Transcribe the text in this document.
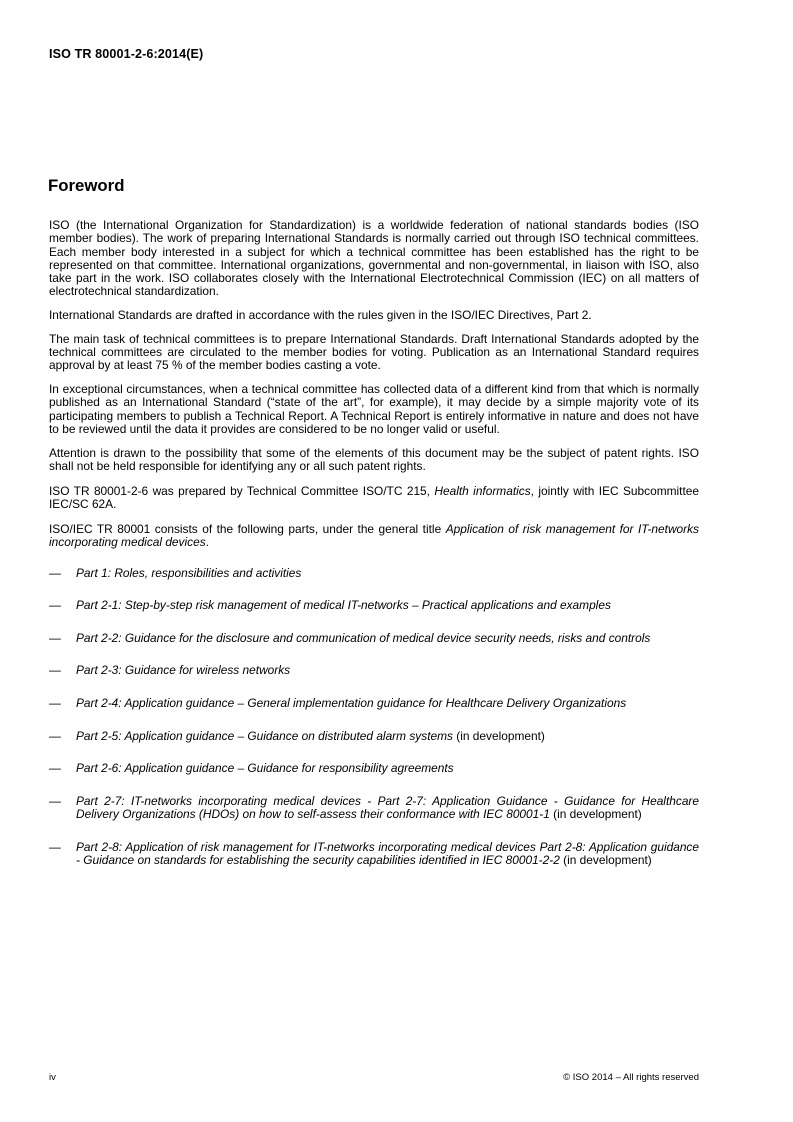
ISO TR 80001-2-6:2014(E)
Foreword

ISO (the International Organization for Standardization) is a worldwide federation of national standards bodies (ISO member bodies). The work of preparing International Standards is normally carried out through ISO technical committees. Each member body interested in a subject for which a technical committee has been established has the right to be represented on that committee. International organizations, governmental and non-governmental, in liaison with ISO, also take part in the work. ISO collaborates closely with the International Electrotechnical Commission (IEC) on all matters of electrotechnical standardization.

International Standards are drafted in accordance with the rules given in the ISO/IEC Directives, Part 2.

The main task of technical committees is to prepare International Standards. Draft International Standards adopted by the technical committees are circulated to the member bodies for voting. Publication as an International Standard requires approval by at least 75 % of the member bodies casting a vote.

In exceptional circumstances, when a technical committee has collected data of a different kind from that which is normally published as an International Standard (“state of the art”, for example), it may decide by a simple majority vote of its participating members to publish a Technical Report. A Technical Report is entirely informative in nature and does not have to be reviewed until the data it provides are considered to be no longer valid or useful.

Attention is drawn to the possibility that some of the elements of this document may be the subject of patent rights. ISO shall not be held responsible for identifying any or all such patent rights.

ISO TR 80001-2-6 was prepared by Technical Committee ISO/TC 215, Health informatics, jointly with IEC Subcommittee IEC/SC 62A.

ISO/IEC TR 80001 consists of the following parts, under the general title Application of risk management for IT-networks incorporating medical devices.

— Part 1: Roles, responsibilities and activities
— Part 2-1: Step-by-step risk management of medical IT-networks – Practical applications and examples
— Part 2-2: Guidance for the disclosure and communication of medical device security needs, risks and controls
— Part 2-3: Guidance for wireless networks
— Part 2-4: Application guidance – General implementation guidance for Healthcare Delivery Organizations
— Part 2-5: Application guidance – Guidance on distributed alarm systems (in development)
— Part 2-6: Application guidance – Guidance for responsibility agreements
— Part 2-7: IT-networks incorporating medical devices - Part 2-7: Application Guidance - Guidance for Healthcare Delivery Organizations (HDOs) on how to self-assess their conformance with IEC 80001-1 (in development)
— Part 2-8: Application of risk management for IT-networks incorporating medical devices Part 2-8: Application guidance - Guidance on standards for establishing the security capabilities identified in IEC 80001-2-2 (in development)
iv	© ISO 2014 – All rights reserved
